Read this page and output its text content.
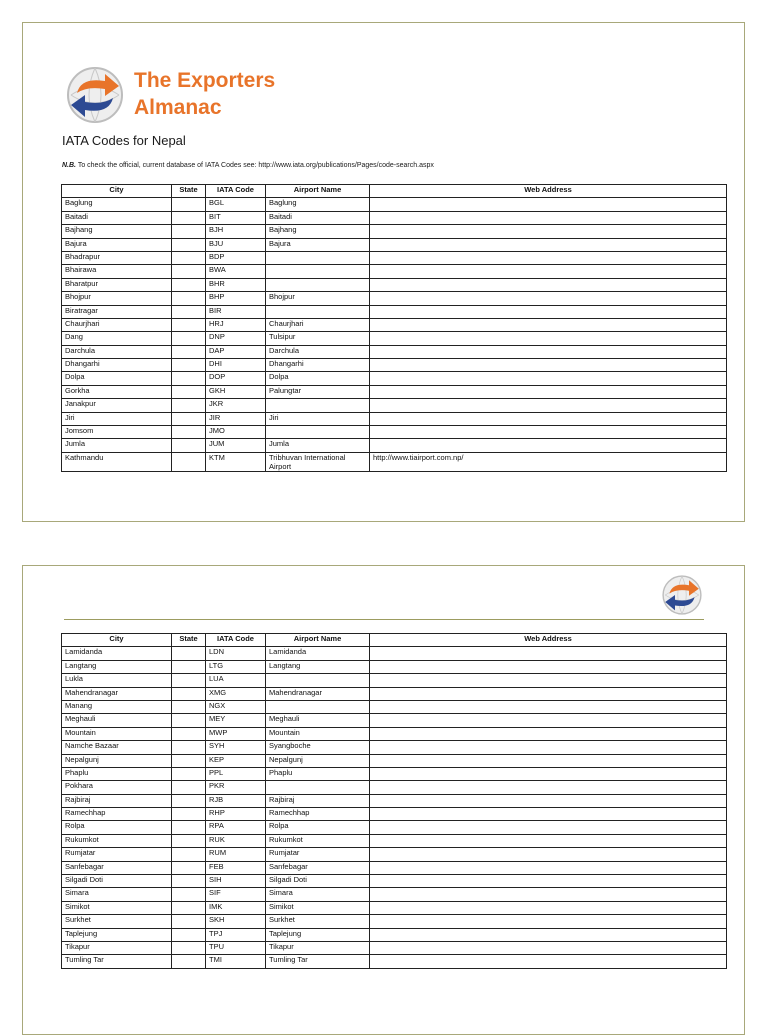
The Exporters
Almanac
IATA Codes for Nepal
N.B. To check the official, current database of IATA Codes see: http://www.iata.org/publications/Pages/code-search.aspx
City	State	IATA Code	Airport Name	Web Address
Baglung		BGL	Baglung	
Baitadi		BIT	Baitadi	
Bajhang		BJH	Bajhang	
Bajura		BJU	Bajura	
Bhadrapur		BDP		
Bhairawa		BWA		
Bharatpur		BHR		
Bhojpur		BHP	Bhojpur	
Biratragar		BIR		
Chaurjhari		HRJ	Chaurjhari	
Dang		DNP	Tulsipur	
Darchula		DAP	Darchula	
Dhangarhi		DHI	Dhangarhi	
Dolpa		DOP	Dolpa	
Gorkha		GKH	Palungtar	
Janakpur		JKR		
Jiri		JIR	Jiri	
Jomsom		JMO		
Jumla		JUM	Jumla	
Kathmandu		KTM	Tribhuvan International Airport	http://www.tiairport.com.np/
City	State	IATA Code	Airport Name	Web Address
Lamidanda		LDN	Lamidanda	
Langtang		LTG	Langtang	
Lukla		LUA		
Mahendranagar		XMG	Mahendranagar	
Manang		NGX		
Meghauli		MEY	Meghauli	
Mountain		MWP	Mountain	
Namche Bazaar		SYH	Syangboche	
Nepalgunj		KEP	Nepalgunj	
Phaplu		PPL	Phaplu	
Pokhara		PKR		
Rajbiraj		RJB	Rajbiraj	
Ramechhap		RHP	Ramechhap	
Rolpa		RPA	Rolpa	
Rukumkot		RUK	Rukumkot	
Rumjatar		RUM	Rumjatar	
Sanfebagar		FEB	Sanfebagar	
Silgadi Doti		SIH	Silgadi Doti	
Simara		SIF	Simara	
Simikot		IMK	Simikot	
Surkhet		SKH	Surkhet	
Taplejung		TPJ	Taplejung	
Tikapur		TPU	Tikapur	
Tumling Tar		TMI	Tumling Tar	
